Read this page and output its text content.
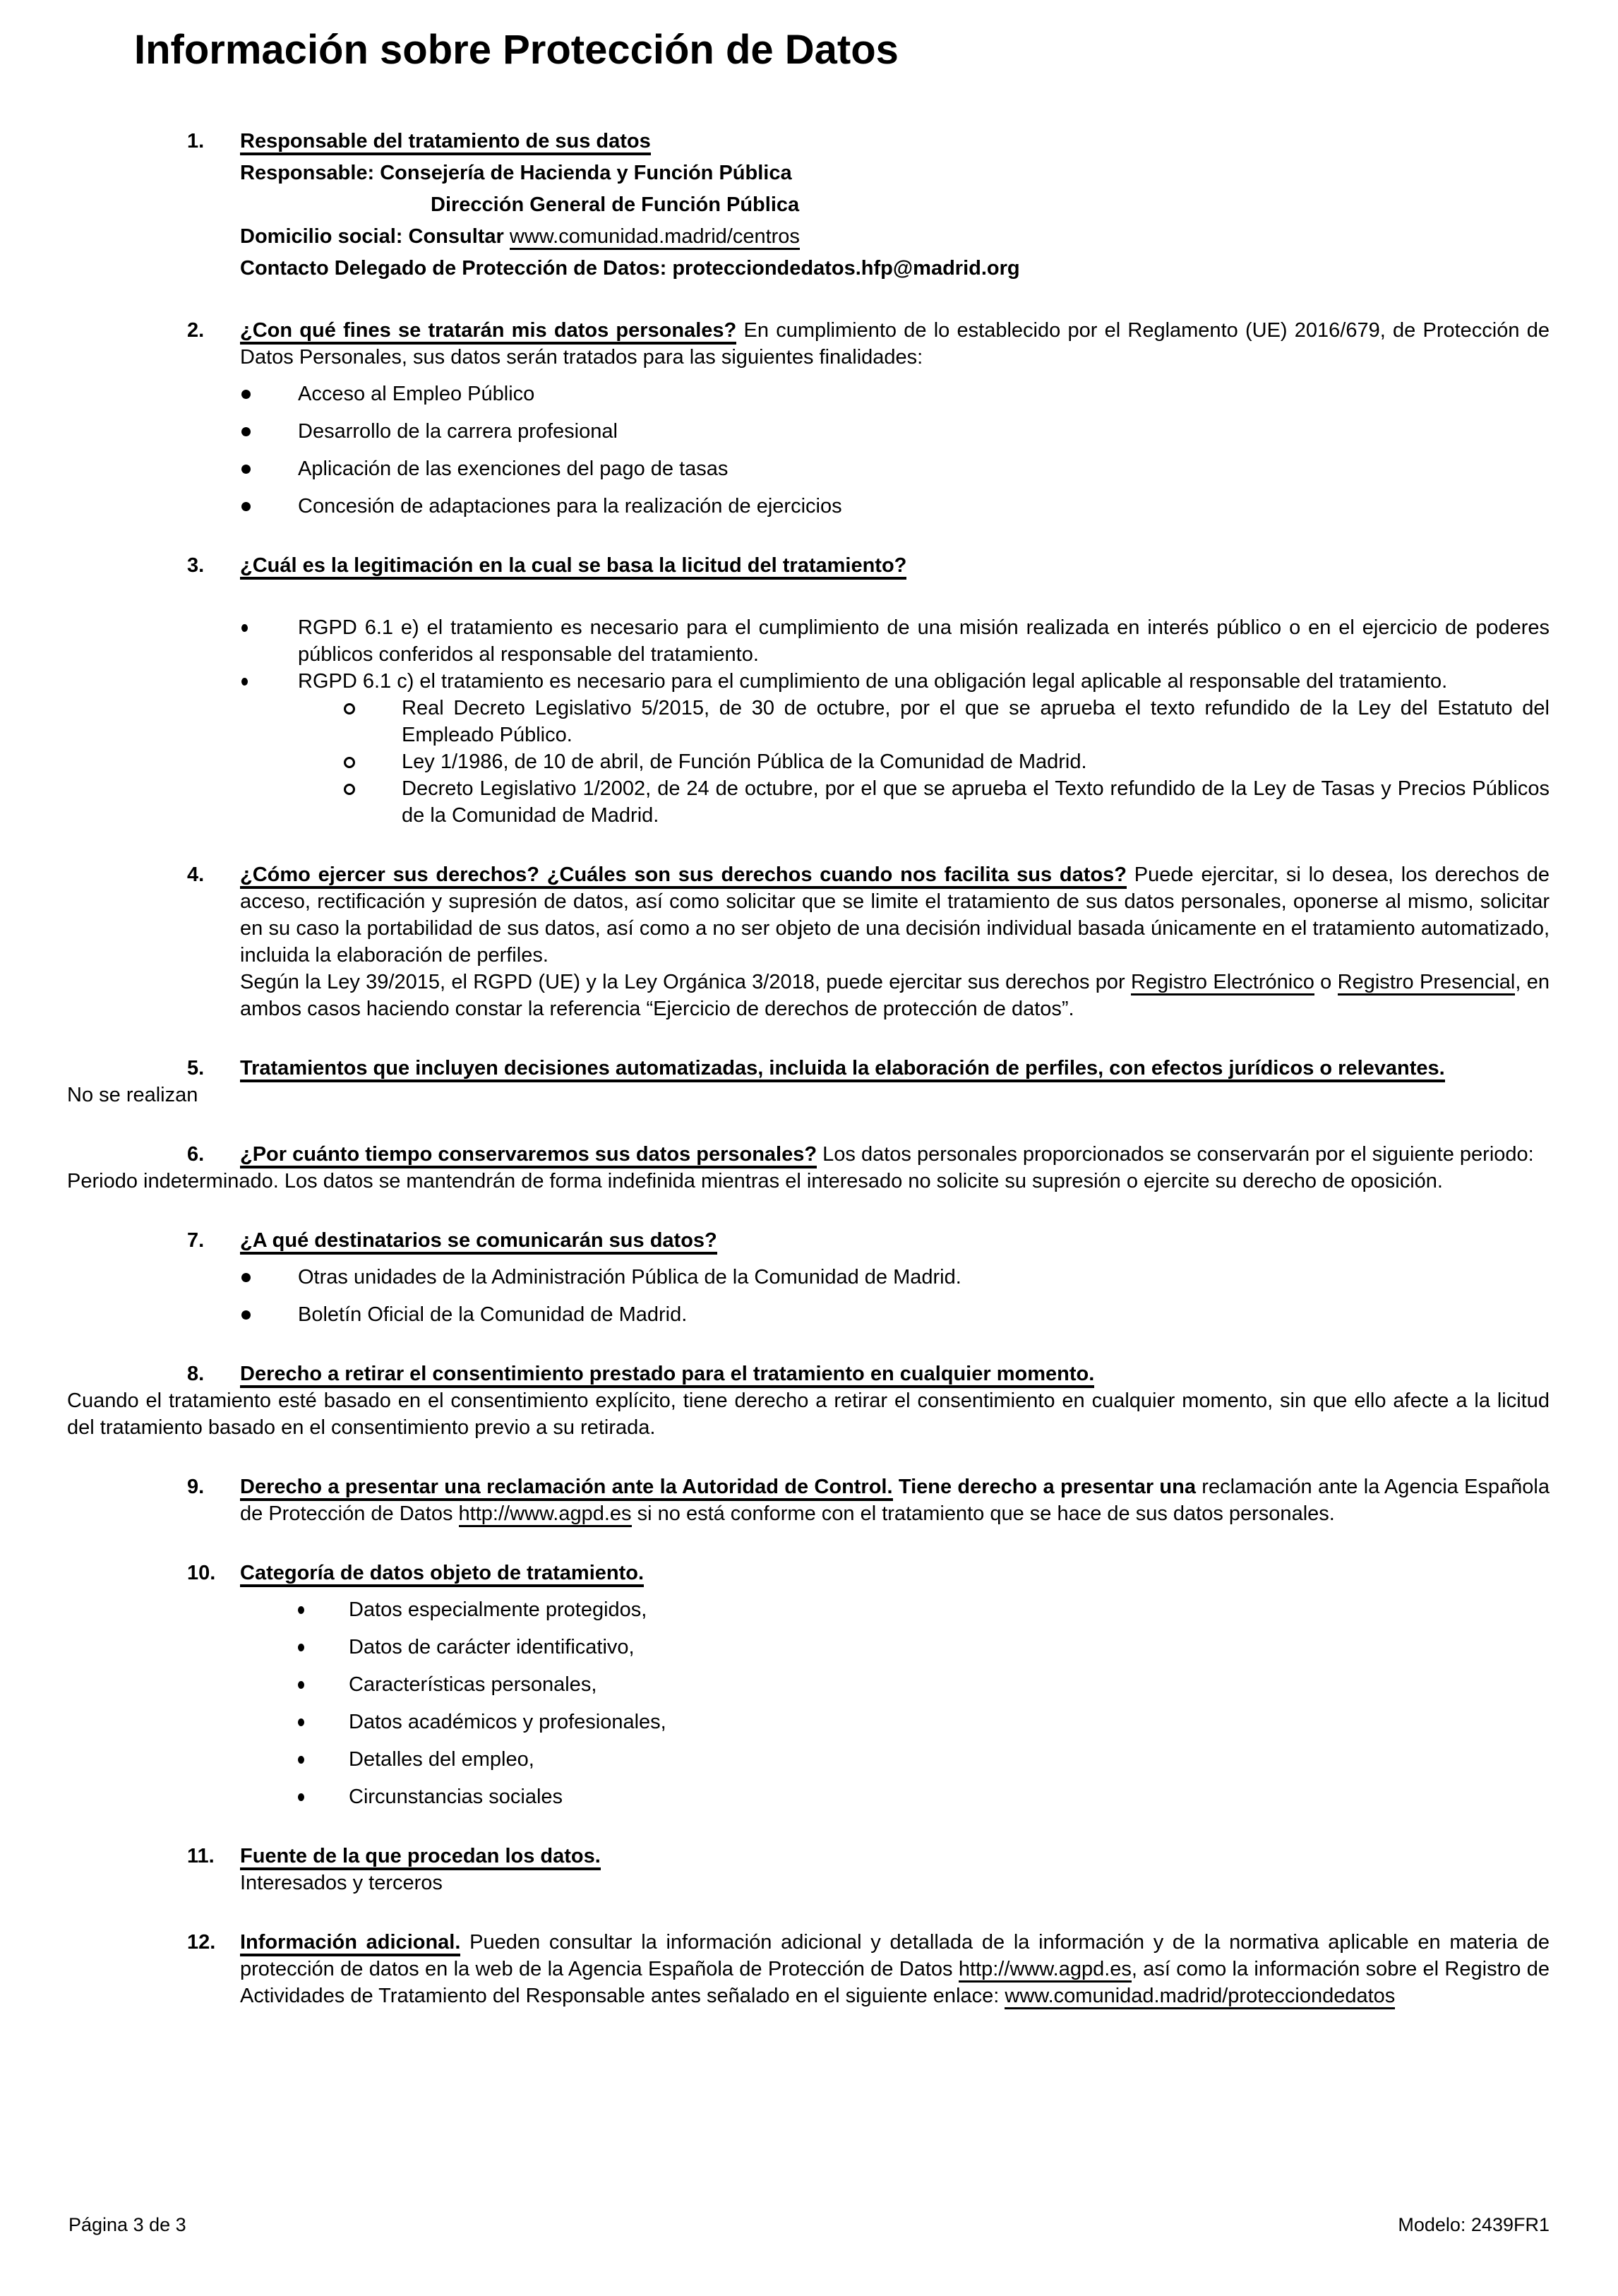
Información sobre Protección de Datos
1.	Responsable del tratamiento de sus datos

Responsable: Consejería de Hacienda y Función Pública

Dirección General de Función Pública

Domicilio social: Consultar www.comunidad.madrid/centros

Contacto Delegado de Protección de Datos: protecciondedatos.hfp@madrid.org

2.	¿Con qué fines se tratarán mis datos personales? En cumplimiento de lo establecido por el Reglamento (UE) 2016/679, de Protección de Datos Personales, sus datos serán tratados para las siguientes finalidades:

Acceso al Empleo Público

Desarrollo de la carrera profesional

Aplicación de las exenciones del pago de tasas

Concesión de adaptaciones para la realización de ejercicios

3.	¿Cuál es la legitimación en la cual se basa la licitud del tratamiento?

RGPD 6.1 e) el tratamiento es necesario para el cumplimiento de una misión realizada en interés público o en el ejercicio de poderes públicos conferidos al responsable del tratamiento.

RGPD 6.1 c) el tratamiento es necesario para el cumplimiento de una obligación legal aplicable al responsable del tratamiento.

Real Decreto Legislativo 5/2015, de 30 de octubre, por el que se aprueba el texto refundido de la Ley del Estatuto del Empleado Público.

Ley 1/1986, de 10 de abril, de Función Pública de la Comunidad de Madrid.

Decreto Legislativo 1/2002, de 24 de octubre, por el que se aprueba el Texto refundido de la Ley de Tasas y Precios Públicos de la Comunidad de Madrid.

4.	¿Cómo ejercer sus derechos? ¿Cuáles son sus derechos cuando nos facilita sus datos? Puede ejercitar, si lo desea, los derechos de acceso, rectificación y supresión de datos, así como solicitar que se limite el tratamiento de sus datos personales, oponerse al mismo, solicitar en su caso la portabilidad de sus datos, así como a no ser objeto de una decisión individual basada únicamente en el tratamiento automatizado, incluida la elaboración de perfiles.

Según la Ley 39/2015, el RGPD (UE) y la Ley Orgánica 3/2018, puede ejercitar sus derechos por Registro Electrónico o Registro Presencial, en ambos casos haciendo constar la referencia “Ejercicio de derechos de protección de datos”.

5.	Tratamientos que incluyen decisiones automatizadas, incluida la elaboración de perfiles, con efectos jurídicos o relevantes.

No se realizan

6.	¿Por cuánto tiempo conservaremos sus datos personales? Los datos personales proporcionados se conservarán por el siguiente periodo:

Periodo indeterminado. Los datos se mantendrán de forma indefinida mientras el interesado no solicite su supresión o ejercite su derecho de oposición.

7.	¿A qué destinatarios se comunicarán sus datos?

Otras unidades de la Administración Pública de la Comunidad de Madrid.

Boletín Oficial de la Comunidad de Madrid.

8.	Derecho a retirar el consentimiento prestado para el tratamiento en cualquier momento.

Cuando el tratamiento esté basado en el consentimiento explícito, tiene derecho a retirar el consentimiento en cualquier momento, sin que ello afecte a la licitud del tratamiento basado en el consentimiento previo a su retirada.

9.	Derecho a presentar una reclamación ante la Autoridad de Control. Tiene derecho a presentar una reclamación ante la Agencia Española de Protección de Datos http://www.agpd.es si no está conforme con el tratamiento que se hace de sus datos personales.

10.	Categoría de datos objeto de tratamiento.

Datos especialmente protegidos,

Datos de carácter identificativo,

Características personales,

Datos académicos y profesionales,

Detalles del empleo,

Circunstancias sociales

11.	Fuente de la que procedan los datos.

Interesados y terceros

12.	Información adicional. Pueden consultar la información adicional y detallada de la información y de la normativa aplicable en materia de protección de datos en la web de la Agencia Española de Protección de Datos http://www.agpd.es, así como la información sobre el Registro de Actividades de Tratamiento del Responsable antes señalado en el siguiente enlace: www.comunidad.madrid/protecciondedatos

Página 3 de 3	Modelo: 2439FR1
